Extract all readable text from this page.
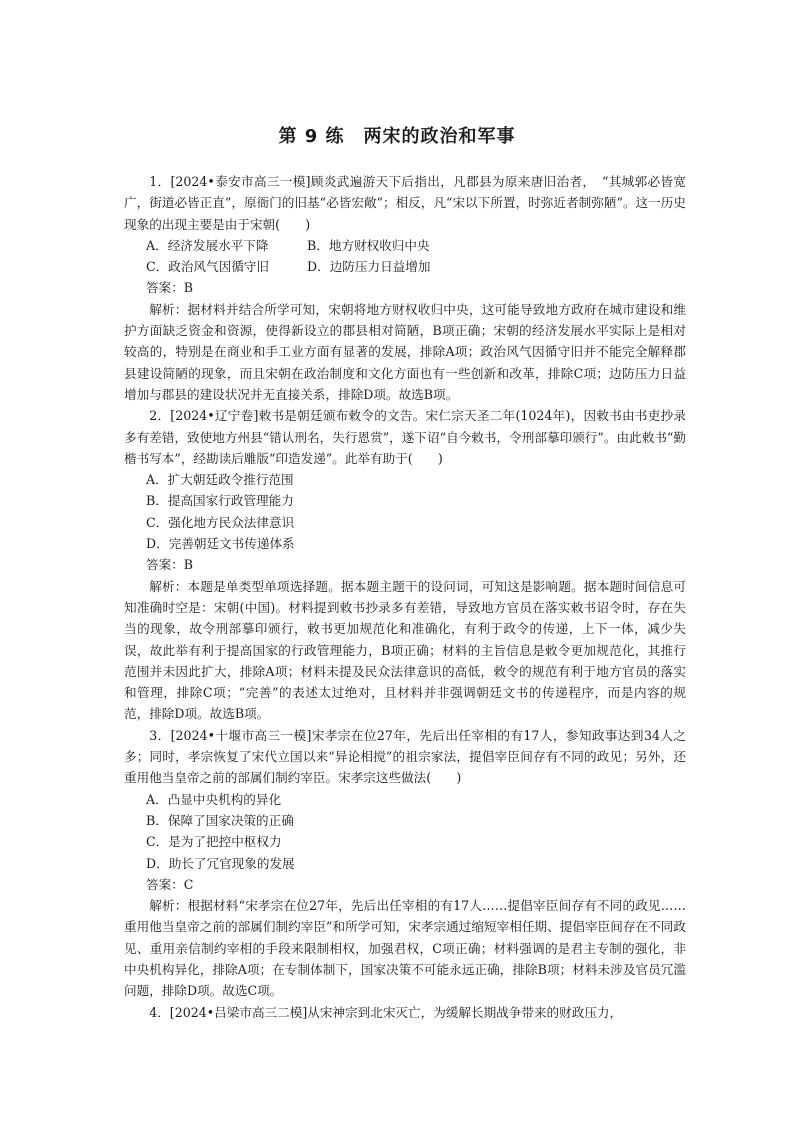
第 9 练　两宋的政治和军事

1．[2024•泰安市高三一模]顾炎武遍游天下后指出，凡郡县为原来唐旧治者，　“其城郭必皆宽广，街道必皆正直”，原衙门的旧基“必皆宏敞”；相反，凡“宋以下所置，时弥近者制弥陋”。这一历史现象的出现主要是由于宋朝(　　)

A．经济发展水平下降	B．地方财权收归中央

C．政治风气因循守旧	D．边防压力日益增加

答案：B

解析：据材料并结合所学可知，宋朝将地方财权收归中央，这可能导致地方政府在城市建设和维护方面缺乏资金和资源，使得新设立的郡县相对简陋，B项正确；宋朝的经济发展水平实际上是相对较高的，特别是在商业和手工业方面有显著的发展，排除A项；政治风气因循守旧并不能完全解释郡县建设简陋的现象，而且宋朝在政治制度和文化方面也有一些创新和改革，排除C项；边防压力日益增加与郡县的建设状况并无直接关系，排除D项。故选B项。

2．[2024•辽宁卷]敕书是朝廷颁布敕令的文告。宋仁宗天圣二年(1024年)，因敕书由书吏抄录多有差错，致使地方州县“错认刑名，失行恩赏”，遂下诏“自今敕书，令刑部摹印颁行”。由此敕书“勤楷书写本”，经勘读后雕版“印造发递”。此举有助于(　　)

A．扩大朝廷政令推行范围

B．提高国家行政管理能力

C．强化地方民众法律意识

D．完善朝廷文书传递体系

答案：B

解析：本题是单类型单项选择题。据本题主题干的设问词，可知这是影响题。据本题时间信息可知准确时空是：宋朝(中国)。材料提到敕书抄录多有差错，导致地方官员在落实敕书诏令时，存在失当的现象，故令刑部摹印颁行，敕书更加规范化和准确化，有利于政令的传递，上下一体，减少失误，故此举有利于提高国家的行政管理能力，B项正确；材料的主旨信息是敕令更加规范化，其推行范围并未因此扩大，排除A项；材料未提及民众法律意识的高低，敕令的规范有利于地方官员的落实和管理，排除C项；“完善”的表述太过绝对，且材料并非强调朝廷文书的传递程序，而是内容的规范，排除D项。故选B项。

3．[2024•十堰市高三一模]宋孝宗在位27年，先后出任宰相的有17人，参知政事达到34人之多；同时，孝宗恢复了宋代立国以来“异论相搅”的祖宗家法，提倡宰臣间存有不同的政见；另外，还重用他当皇帝之前的部属们制约宰臣。宋孝宗这些做法(　　)

A．凸显中央机构的异化

B．保障了国家决策的正确

C．是为了把控中枢权力

D．助长了冗官现象的发展

答案：C

解析：根据材料“宋孝宗在位27年，先后出任宰相的有17人……提倡宰臣间存有不同的政见……重用他当皇帝之前的部属们制约宰臣”和所学可知，宋孝宗通过缩短宰相任期、提倡宰臣间存在不同政见、重用亲信制约宰相的手段来限制相权，加强君权，C项正确；材料强调的是君主专制的强化，非中央机构异化，排除A项；在专制体制下，国家决策不可能永远正确，排除B项；材料未涉及官员冗滥问题，排除D项。故选C项。

4．[2024•吕梁市高三二模]从宋神宗到北宋灭亡，为缓解长期战争带来的财政压力，
